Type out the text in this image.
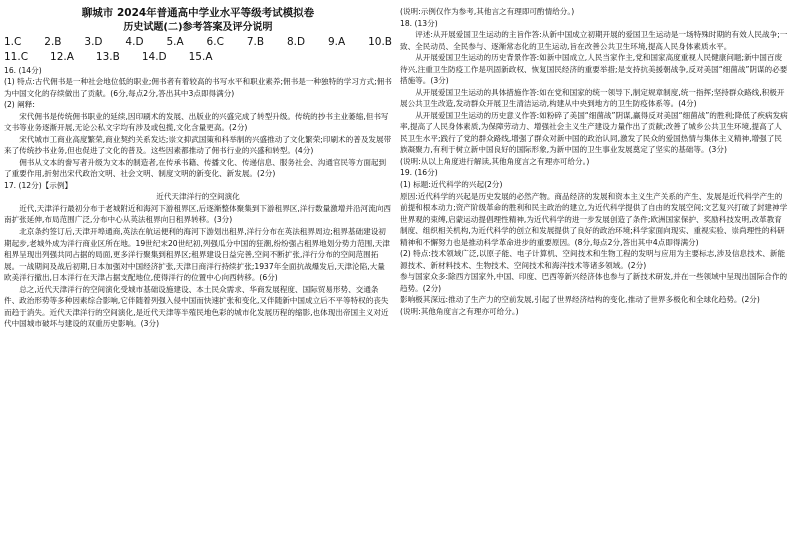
聊城市 2024年普通高中学业水平等级考试模拟卷
历史试题(二)参考答案及评分说明
1.C 2.B 3.D 4.D 5.A 6.C 7.B 8.D 9.A 10.B
11.C 12.A 13.B 14.D 15.A

16. (14分)

(1) 特点:古代佣书是一种社会地位低的职业;佣书者有着较高的书写水平和职业素养;佣书是一种独特的学习方式;佣书为中国文化的存续做出了贡献。(6分,每点2分,答出其中3点即得满分)

(2) 阐释:

宋代佣书是传统佣书职业的延续,因印刷术的发展、出版业的兴盛完成了转型升级。传统的抄书主业萎缩,但书写文书等业务逐渐开展,无论公私文字均有涉及或包揽,文化含量更高。(2分)

宋代城市工商业高度繁荣,商业契约关系发达;崇文抑武国策和科举制的兴盛推动了文化繁荣;印刷术的普及发展带来了传统抄书业务,但也促进了文化的普及。这些因素都推动了佣书行业的兴盛和转型。(4分)

佣书从文本的誊写者升级为文本的制造者,在传承书籍、传播文化、传递信息、服务社会、沟通官民等方面起到了重要作用,折射出宋代政治文明、社会文明、制度文明的新变化、新发展。(2分)

17. (12分)【示例】

近代天津洋行的空间演化

近代,天津洋行最初分布于老城附近和海河下游租界区,后逐渐整体聚集到下游租界区,洋行数量激增并沿河流向西南扩张延伸,布局范围广泛,分布中心从英法租界向日租界转移。(3分)

北京条约签订后,天津开埠通商,英法在航运便利的海河下游划出租界,洋行分布在英法租界周边;租界基础建设初期起步,老城外成为洋行商业区所在地。19世纪末20世纪初,列强瓜分中国的狂潮,纷纷强占租界地划分势力范围,天津租界呈现出列强共同占据的局面,更多洋行聚集到租界区;租界建设日益完善,空间不断扩张,洋行分布的空间范围拓展。一战期间及战后初期,日本加强对中国经济扩张,天津日商洋行持续扩张;1937年全面抗战爆发后,天津沦陷,大量欧美洋行撤出,日本洋行在天津占据支配地位,使得洋行的位置中心向西转移。(6分)

总之,近代天津洋行的空间演化受城市基础设施建设、本土民众需求、华商发展程度、国际贸易形势、交通条件、政治形势等多种因素综合影响,它伴随着列强入侵中国而快速扩张和变化,又伴随新中国成立后不平等特权的丧失而趋于消失。近代天津洋行的空间演化,是近代天津等半殖民地色彩的城市化发展历程的缩影,也体现出帝国主义对近代中国城市破坏与建设的双重历史影响。(3分)

(说明:示例仅作为参考,其他言之有理即可酌情给分。)

18. (13分)

评述:从开展爱国卫生运动的主旨作答:从新中国成立初期开展的爱国卫生运动是一场特殊时期的有效人民战争;一致、全民动员、全民参与、逐渐常态化的卫生运动,旨在改善公共卫生环境,提高人民身体素质水平。

从开展爱国卫生运动的历史背景作答:如新中国成立,人民当家作主,党和国家高度重视人民健康问题;新中国百废待兴,注重卫生防疫工作是巩固新政权、恢复国民经济的重要举措;是支持抗美援朝战争,反对美国“细菌战”阴谋的必要措施等。(3分)

从开展爱国卫生运动的具体措施作答:如在党和国家的统一领导下,制定规章制度,统一指挥;坚持群众路线,积极开展公共卫生改造,发动群众开展卫生清洁运动,构建从中央到地方的卫生防疫体系等。(4分)

从开展爱国卫生运动的历史意义作答:如粉碎了美国“细菌战”阴谋,赢得反对美国“细菌战”的胜利;降低了疾病发病率,提高了人民身体素质,为保障劳动力、增强社会主义生产建设力量作出了贡献;改善了城乡公共卫生环境,提高了人民卫生水平;践行了党的群众路线,增强了群众对新中国的政治认同,激发了民众的爱国热情与集体主义精神,增强了民族凝聚力,有利于树立新中国良好的国际形象,为新中国的卫生事业发展奠定了坚实的基础等。(3分)

(说明:从以上角度进行解读,其他角度言之有理亦可给分。)

19. (16分)

(1) 标题:近代科学的兴起(2分)

原因:近代科学的兴起是历史发展的必然产物。商品经济的发展和资本主义生产关系的产生、发展是近代科学产生的前提和根本动力;资产阶级革命的胜利和民主政治的建立,为近代科学提供了自由的发展空间;文艺复兴打破了封建神学世界观的束缚,启蒙运动提倡理性精神,为近代科学的进一步发展创造了条件;欧洲国家保护、奖励科技发明,改革教育制度、组织相关机构,为近代科学的创立和发展提供了良好的政治环境;科学家面向现实、重视实验、崇尚理性的科研精神和不懈努力也是推动科学革命进步的重要原因。(8分,每点2分,答出其中4点即得满分)

(2) 特点:技术领域广泛,以原子能、电子计算机、空间技术和生物工程的发明与应用为主要标志,涉及信息技术、新能源技术、新材料技术、生物技术、空间技术和海洋技术等诸多领域。(2分)

参与国家众多:除西方国家外,中国、印度、巴西等新兴经济体也参与了新技术研发,并在一些领域中呈现出国际合作的趋势。(2分)

影响极其深远:推动了生产力的空前发展,引起了世界经济结构的变化,推动了世界多极化和全球化趋势。(2分)

(说明:其他角度言之有理亦可给分。)
